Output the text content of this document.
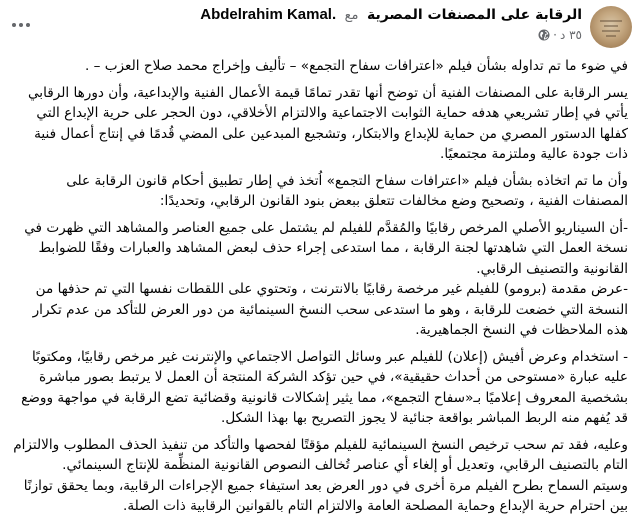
الرقابة على المصنفات المصرية مع Abdelrahim Kamal.
٣٥ د
·

في ضوء ما تم تداوله بشأن فيلم «اعترافات سفاح التجمع» – تأليف وإخراج محمد صلاح العزب – .

يسر الرقابة على المصنفات الفنية أن توضح أنها تقدر تمامًا قيمة الأعمال الفنية والإبداعية، وأن دورها الرقابي يأتي في إطار تشريعي هدفه حماية الثوابت الاجتماعية والالتزام الأخلاقي، دون الحجر على حرية الإبداع التي كفلها الدستور المصري من حماية للإبداع والابتكار، وتشجيع المبدعين على المضي قُدمًا في إنتاج أعمال فنية ذات جودة عالية وملتزمة مجتمعيًا.

وأن ما تم اتخاذه بشأن فيلم «اعترافات سفاح التجمع» اُتخذ في إطار تطبيق أحكام قانون الرقابة على المصنفات الفنية ، وتصحيح وضع مخالفات تتعلق ببعض بنود القانون الرقابي، وتحديدًا:

-أن السيناريو الأصلي المرخص رقابيًا والمُقدَّم للفيلم لم يشتمل على جميع العناصر والمشاهد التي ظهرت في نسخة العمل التي شاهدتها لجنة الرقابة ، مما استدعى إجراء حذف لبعض المشاهد والعبارات وفقًا للضوابط القانونية والتصنيف الرقابي.

-عرض مقدمة (برومو) للفيلم غير مرخصة رقابيًا بالانترنت ، وتحتوي على اللقطات نفسها التي تم حذفها من النسخة التي خضعت للرقابة ، وهو ما استدعى سحب النسخ السينمائية من دور العرض للتأكد من عدم تكرار هذه الملاحظات في النسخ الجماهيرية.

- استخدام وعرض أفيش (إعلان) للفيلم عبر وسائل التواصل الاجتماعي والإنترنت غير مرخص رقابيًا، ومكتوبًا عليه عبارة «مستوحى من أحداث حقيقية»، في حين تؤكد الشركة المنتجة أن العمل لا يرتبط بصور مباشرة بشخصية المعروف إعلاميًا بـ«سفاح التجمع»، مما يثير إشكالات قانونية وقضائية تضع الرقابة في مواجهة ووضع قد يُفهم منه الربط المباشر بواقعة جنائية لا يجوز التصريح بها بهذا الشكل.

وعليه، فقد تم سحب ترخيص النسخ السينمائية للفيلم مؤقتًا لفحصها والتأكد من تنفيذ الحذف المطلوب والالتزام التام بالتصنيف الرقابي، وتعديل أو إلغاء أي عناصر تُخالف النصوص القانونية المنظِّمة للإنتاج السينمائي.

وسيتم السماح بطرح الفيلم مرة أخرى في دور العرض بعد استيفاء جميع الإجراءات الرقابية، وبما يحقق توازنًا بين احترام حرية الإبداع وحماية المصلحة العامة والالتزام التام بالقوانين الرقابية ذات الصلة.
